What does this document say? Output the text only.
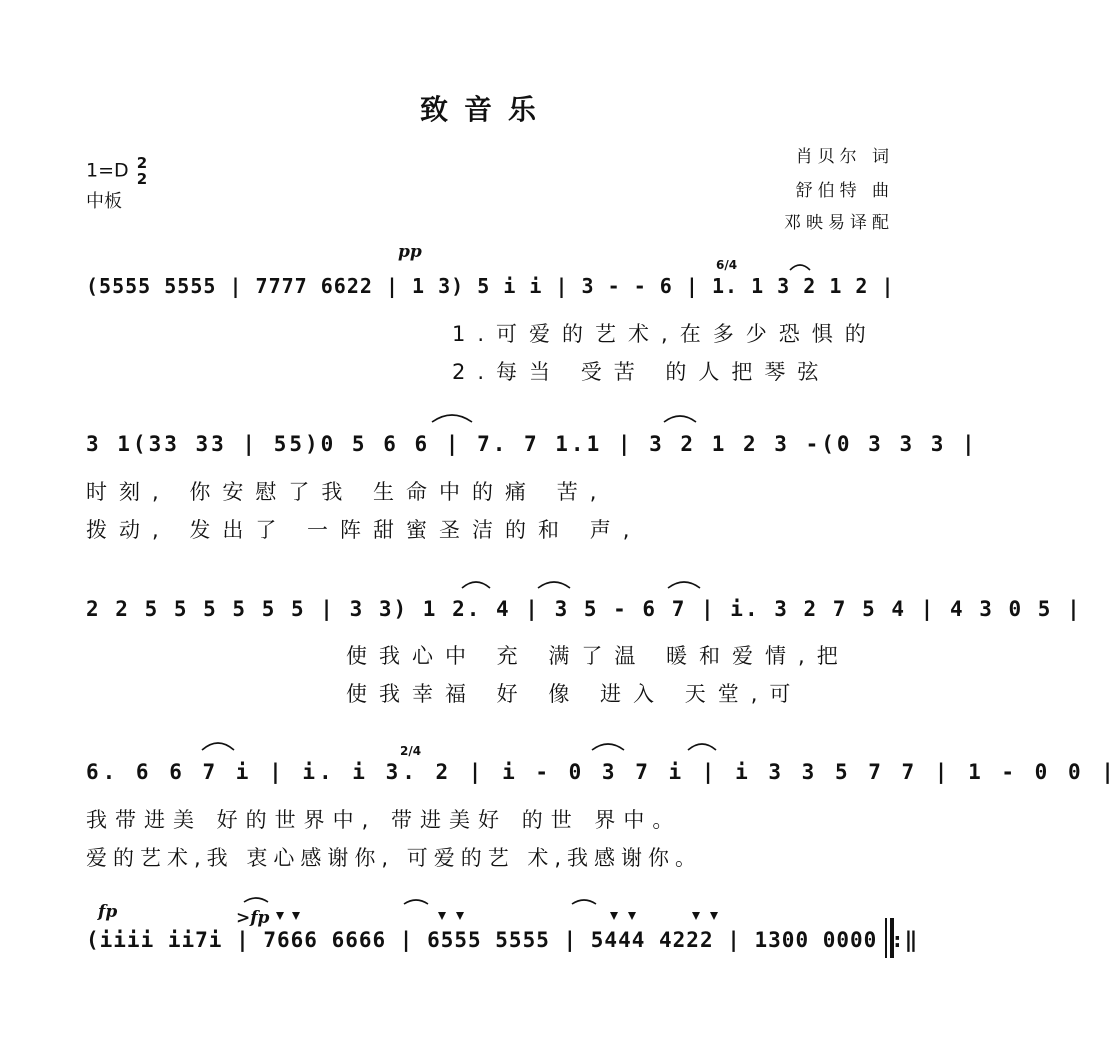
致音乐
1=D 2
2
中板
肖贝尔 词
舒伯特 曲
邓映易译配
pp
(5555 5555 | 7777 6622 | 1 3) 5 i i | 3 - - 6 | 1. 1 3 2 1 2 |
6/4
1.可爱的艺术,在多少恐惧的
2.每当 受苦 的人把琴弦
3 1(33 33 | 55)0 5 6 6 | 7. 7 1.1 | 3 2 1 2 3 -(0 3 3 3 |
时刻, 你安慰了我 生命中的痛 苦,
拨动, 发出了 一阵甜蜜圣洁的和 声,
2 2 5 5 5 5 5 5 | 3 3) 1 2. 4 | 3 5 - 6 7 | i. 3 2 7 5 4 | 4 3 0 5 |
使我心中 充 满了温 暖和爱情,把
使我幸福 好 像 进入 天堂,可
6. 6 6 7 i | i. i 3. 2 | i - 0 3 7 i | i 3 3 5 7 7 | 1 - 0 0 |
2/4
我带进美 好的世界中, 带进美好 的世 界中。
爱的艺术,我 衷心感谢你, 可爱的艺 术,我感谢你。
fp	>fp
(iiii ii7i | 7666 6666 | 6555 5555 | 5444 4222 | 1300 0000 :‖
